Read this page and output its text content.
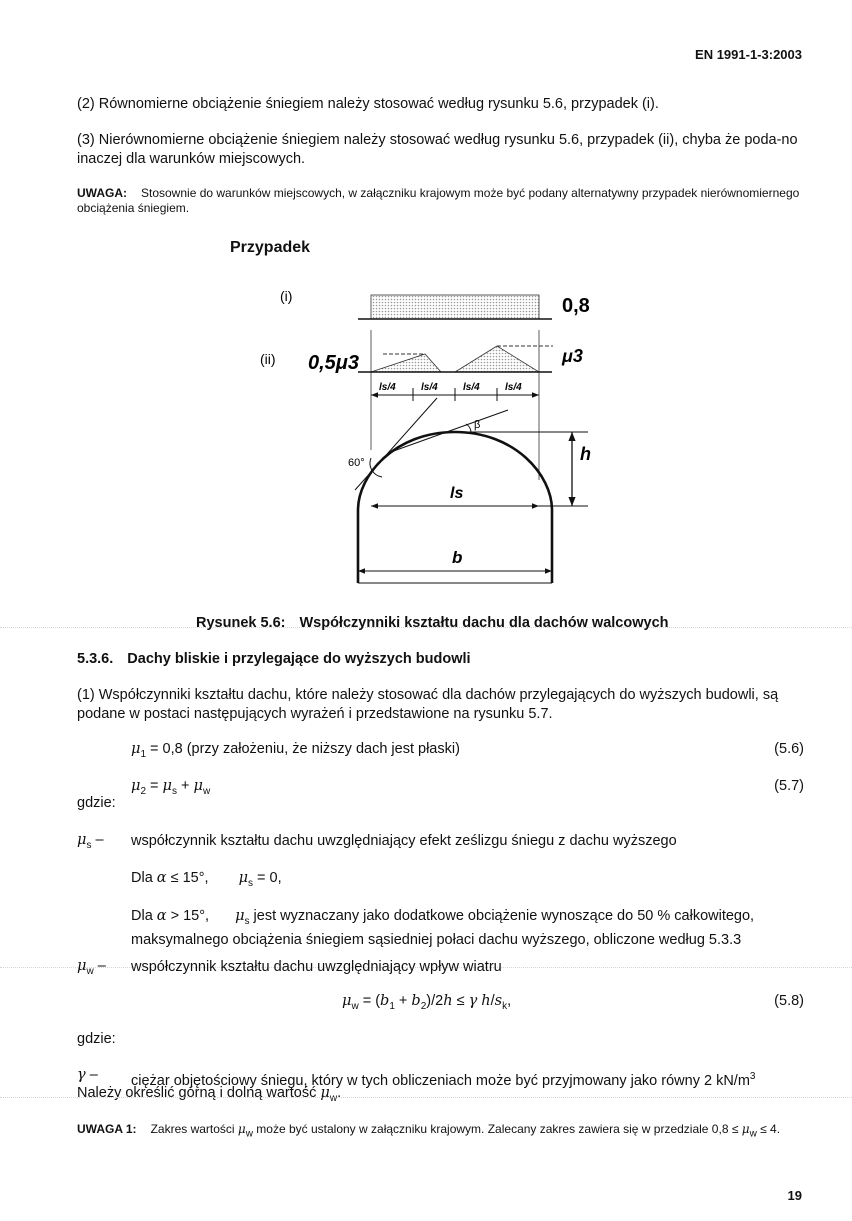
EN 1991-1-3:2003

(2) Równomierne obciążenie śniegiem należy stosować według rysunku 5.6, przypadek (i).

(3) Nierównomierne obciążenie śniegiem należy stosować według rysunku 5.6, przypadek (ii), chyba że poda-no inaczej dla warunków miejscowych.

UWAGA: Stosownie do warunków miejscowych, w załączniku krajowym może być podany alternatywny przypadek nierównomiernego obciążenia śniegiem.

Przypadek
(i)	0,8
(ii) 0,5μ3	μ3
ls/4	ls/4	ls/4	ls/4
β
60°	h
ls
b
Rysunek 5.6: Współczynniki kształtu dachu dla dachów walcowych
5.3.6. Dachy bliskie i przylegające do wyższych budowli

(1) Współczynniki kształtu dachu, które należy stosować dla dachów przylegających do wyższych budowli, są podane w postaci następujących wyrażeń i przedstawione na rysunku 5.7.

$\mu_1 = 0,8$ (przy założeniu, że niższy dach jest płaski)	(5.6)
$\mu_2 = \mu_s + \mu_w$	(5.7)
gdzie:
$\mu_s$ – współczynnik kształtu dachu uwzględniający efekt ześlizgu śniegu z dachu wyższego
Dla α ≤ 15°, $\mu_s = 0$,
Dla α > 15°, $\mu_s$ jest wyznaczany jako dodatkowe obciążenie wynoszące do 50 % całkowitego, maksymalnego obciążenia śniegiem sąsiedniej połaci dachu wyższego, obliczone według 5.3.3
$\mu_w$ – współczynnik kształtu dachu uwzględniający wpływ wiatru
$\mu_w = (b_1 + b_2)/2h \le \gamma$ $h/s_k$,	(5.8)
gdzie:
γ – ciężar objętościowy śniegu, który w tych obliczeniach może być przyjmowany jako równy 2 $kN/m^3$
Należy określić górną i dolną wartość $\mu_w$.

UWAGA 1: Zakres wartości $\mu_w$ może być ustalony w załączniku krajowym. Zalecany zakres zawiera się w przedziale $0,8 \le \mu_w \le 4$.

19
